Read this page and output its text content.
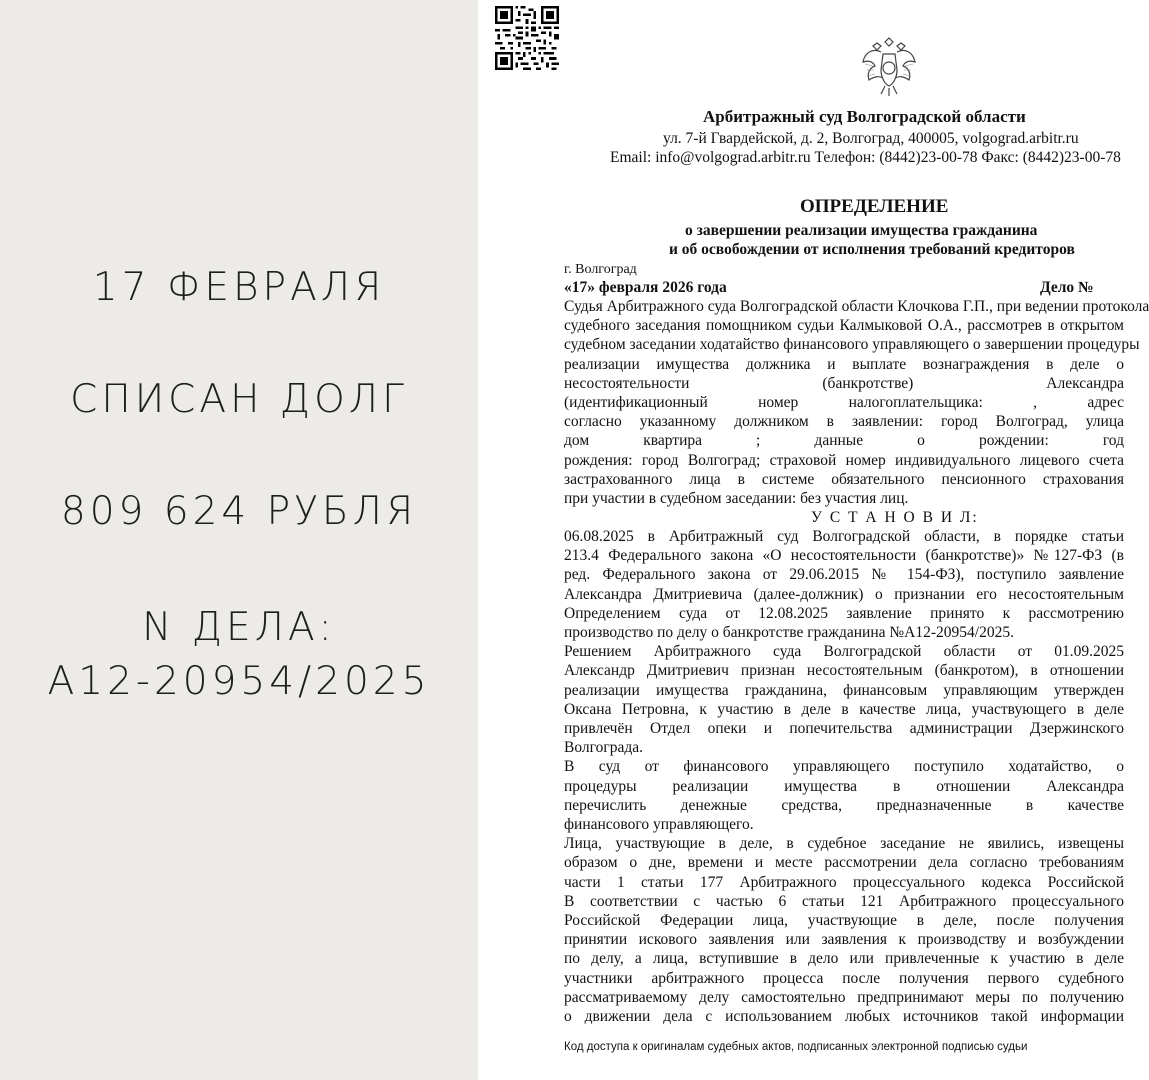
17 ФЕВРАЛЯ
СПИСАН ДОЛГ
809 624 РУБЛЯ
N ДЕЛА:
А12-20954/2025
Арбитражный суд Волгоградской области
ул. 7-й Гвардейской, д. 2, Волгоград, 400005, volgograd.arbitr.ru
Email: info@volgograd.arbitr.ru Телефон: (8442)23-00-78 Факс: (8442)23-00-78
ОПРЕДЕЛЕНИЕ
о завершении реализации имущества гражданина
и об освобождении от исполнения требований кредиторов
г. Волгоград
«17» февраля 2026 года	Дело №
Судья Арбитражного суда Волгоградской области Клочкова Г.П., при ведении протокола
судебного заседания помощником судьи Калмыковой О.А., рассмотрев в открытом
судебном заседании ходатайство финансового управляющего о завершении процедуры
реализации имущества должника и выплате вознаграждения в деле о
несостоятельности (банкротстве) Александра
(идентификационный номер налогоплательщика: , адрес
согласно указанному должником в заявлении: город Волгоград, улица
дом квартира ; данные о рождении: год
рождения: город Волгоград; страховой номер индивидуального лицевого счета
застрахованного лица в системе обязательного пенсионного страхования
при участии в судебном заседании: без участия лиц.
У С Т А Н О В И Л:
06.08.2025 в Арбитражный суд Волгоградской области, в порядке статьи
213.4 Федерального закона «О несостоятельности (банкротстве)» №127-ФЗ (в
ред. Федерального закона от 29.06.2015 № 154-ФЗ), поступило заявление
Александра Дмитриевича (далее-должник) о признании его несостоятельным
Определением суда от 12.08.2025 заявление принято к рассмотрению
производство по делу о банкротстве гражданина №А12-20954/2025.
Решением Арбитражного суда Волгоградской области от 01.09.2025
Александр Дмитриевич признан несостоятельным (банкротом), в отношении
реализации имущества гражданина, финансовым управляющим утвержден
Оксана Петровна, к участию в деле в качестве лица, участвующего в деле
привлечён Отдел опеки и попечительства администрации Дзержинского
Волгограда.
В суд от финансового управляющего поступило ходатайство, о
процедуры реализации имущества в отношении Александра
перечислить денежные средства, предназначенные в качестве
финансового управляющего.
Лица, участвующие в деле, в судебное заседание не явились, извещены
образом о дне, времени и месте рассмотрении дела согласно требованиям
части 1 статьи 177 Арбитражного процессуального кодекса Российской
В соответствии с частью 6 статьи 121 Арбитражного процессуального
Российской Федерации лица, участвующие в деле, после получения
принятии искового заявления или заявления к производству и возбуждении
по делу, а лица, вступившие в дело или привлеченные к участию в деле
участники арбитражного процесса после получения первого судебного
рассматриваемому делу самостоятельно предпринимают меры по получению
о движении дела с использованием любых источников такой информации
Код доступа к оригиналам судебных актов, подписанных электронной подписью судьи
